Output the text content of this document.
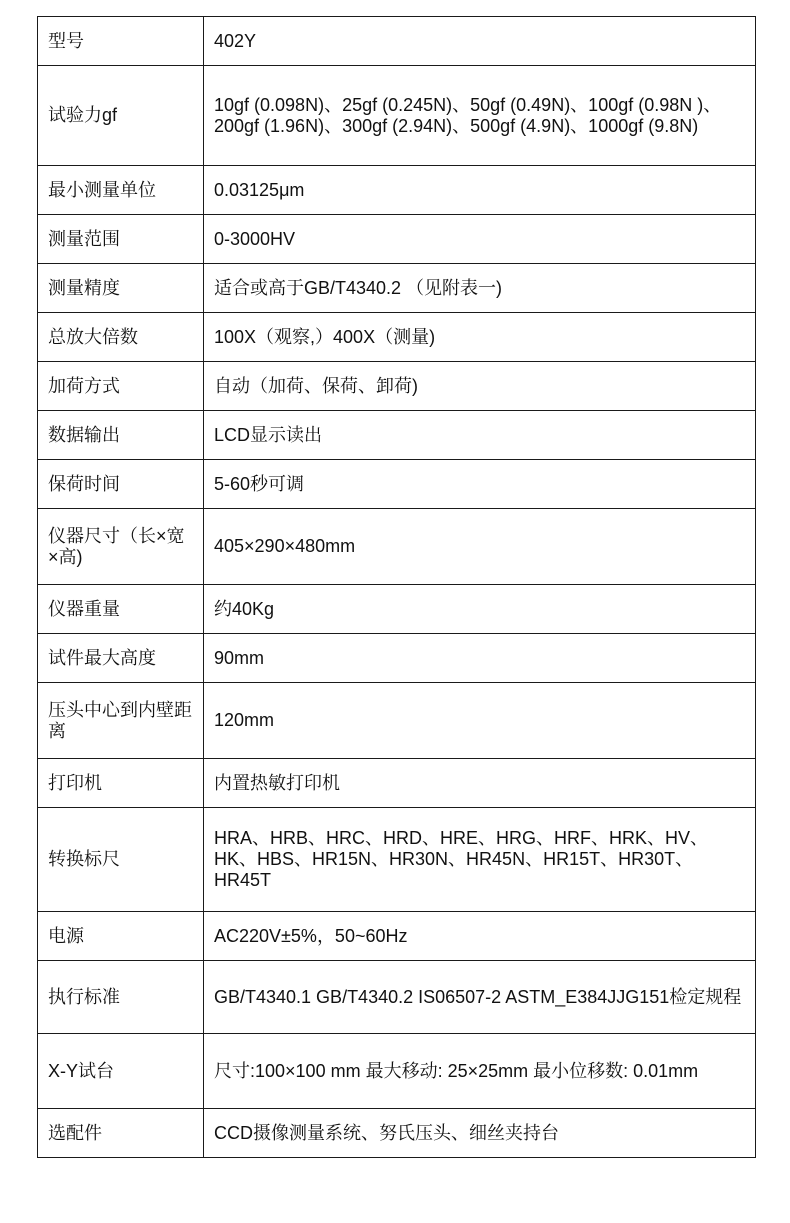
型号	402Y
试验力gf	10gf (0.098N)、25gf (0.245N)、50gf (0.49N)、100gf (0.98N )、200gf (1.96N)、300gf (2.94N)、500gf (4.9N)、1000gf (9.8N)
最小测量单位	0.03125μm
测量范围	0-3000HV
测量精度	适合或高于GB/T4340.2 （见附表一)
总放大倍数	100X（观察,）400X（测量)
加荷方式	自动（加荷、保荷、卸荷)
数据输出	LCD显示读出
保荷时间	5-60秒可调
仪器尺寸（长×宽×高)	405×290×480mm
仪器重量	约40Kg
试件最大高度	90mm
压头中心到内壁距离	120mm
打印机	内置热敏打印机
转换标尺	HRA、HRB、HRC、HRD、HRE、HRG、HRF、HRK、HV、HK、HBS、HR15N、HR30N、HR45N、HR15T、HR30T、HR45T
电源	AC220V±5%，50~60Hz
执行标准	GB/T4340.1 GB/T4340.2 IS06507-2 ASTM_E384JJG151检定规程
X-Y试台	尺寸:100×100 mm 最大移动: 25×25mm 最小位移数: 0.01mm
选配件	CCD摄像测量系统、努氏压头、细丝夹持台
